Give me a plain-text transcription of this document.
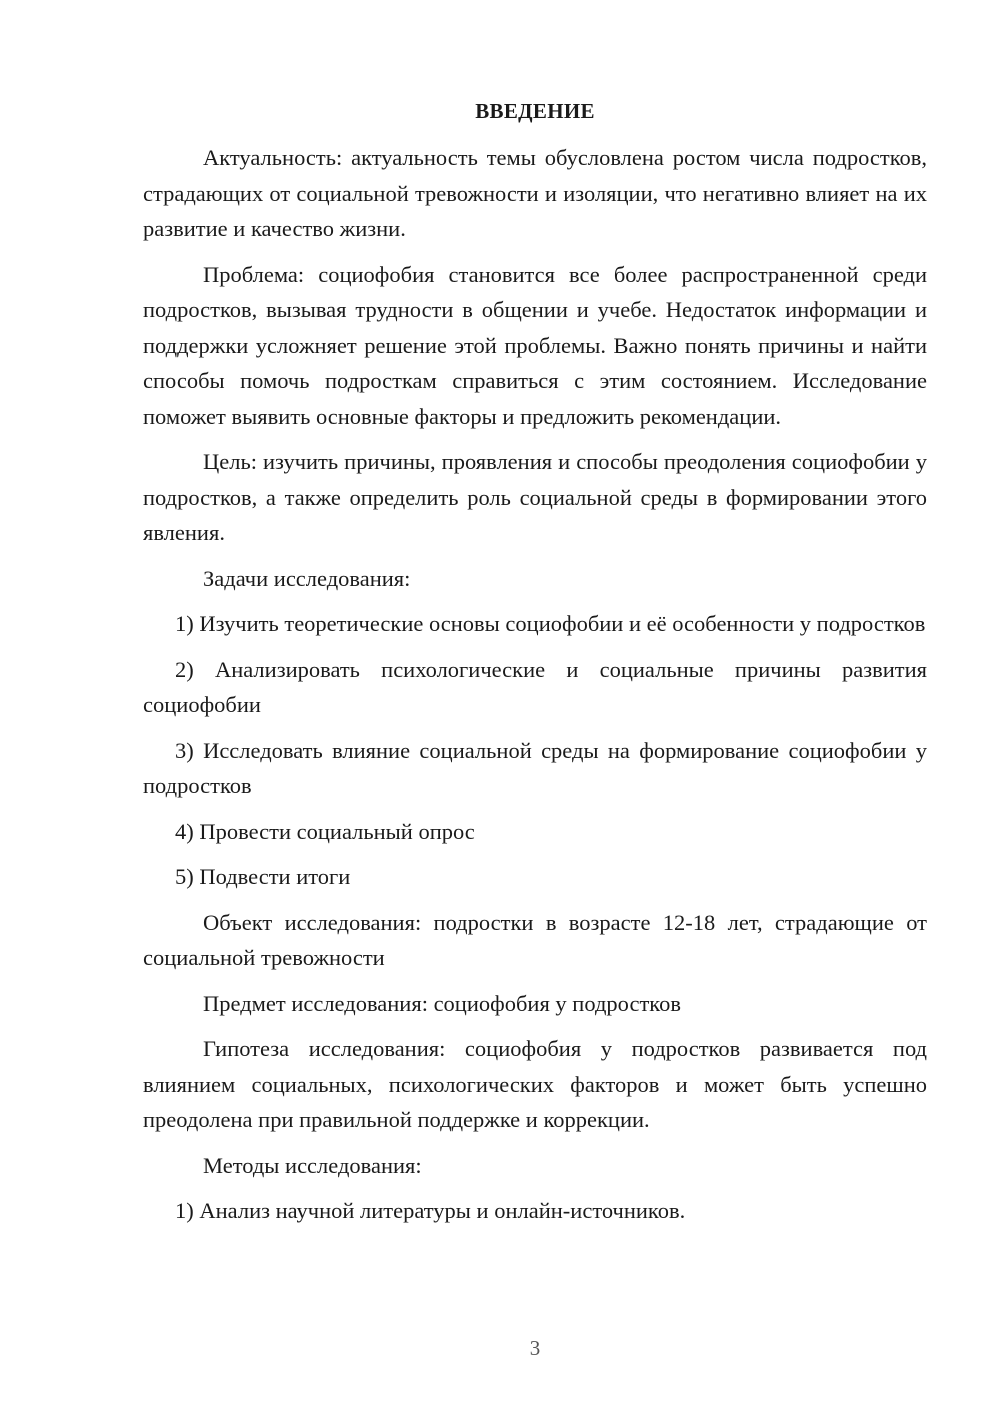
ВВЕДЕНИЕ

Актуальность: актуальность темы обусловлена ростом числа подростков, страдающих от социальной тревожности и изоляции, что негативно влияет на их развитие и качество жизни.

Проблема: социофобия становится все более распространенной среди подростков, вызывая трудности в общении и учебе. Недостаток информации и поддержки усложняет решение этой проблемы. Важно понять причины и найти способы помочь подросткам справиться с этим состоянием. Исследование поможет выявить основные факторы и предложить рекомендации.

Цель: изучить причины, проявления и способы преодоления социофобии у подростков, а также определить роль социальной среды в формировании этого явления.

Задачи исследования:

1) Изучить теоретические основы социофобии и её особенности у подростков

2) Анализировать психологические и социальные причины развития социофобии

3) Исследовать влияние социальной среды на формирование социофобии у подростков

4) Провести социальный опрос

5) Подвести итоги

Объект исследования: подростки в возрасте 12-18 лет, страдающие от социальной тревожности

Предмет исследования: социофобия у подростков

Гипотеза исследования: социофобия у подростков развивается под влиянием социальных, психологических факторов и может быть успешно преодолена при правильной поддержке и коррекции.

Методы исследования:

1) Анализ научной литературы и онлайн-источников.

3
